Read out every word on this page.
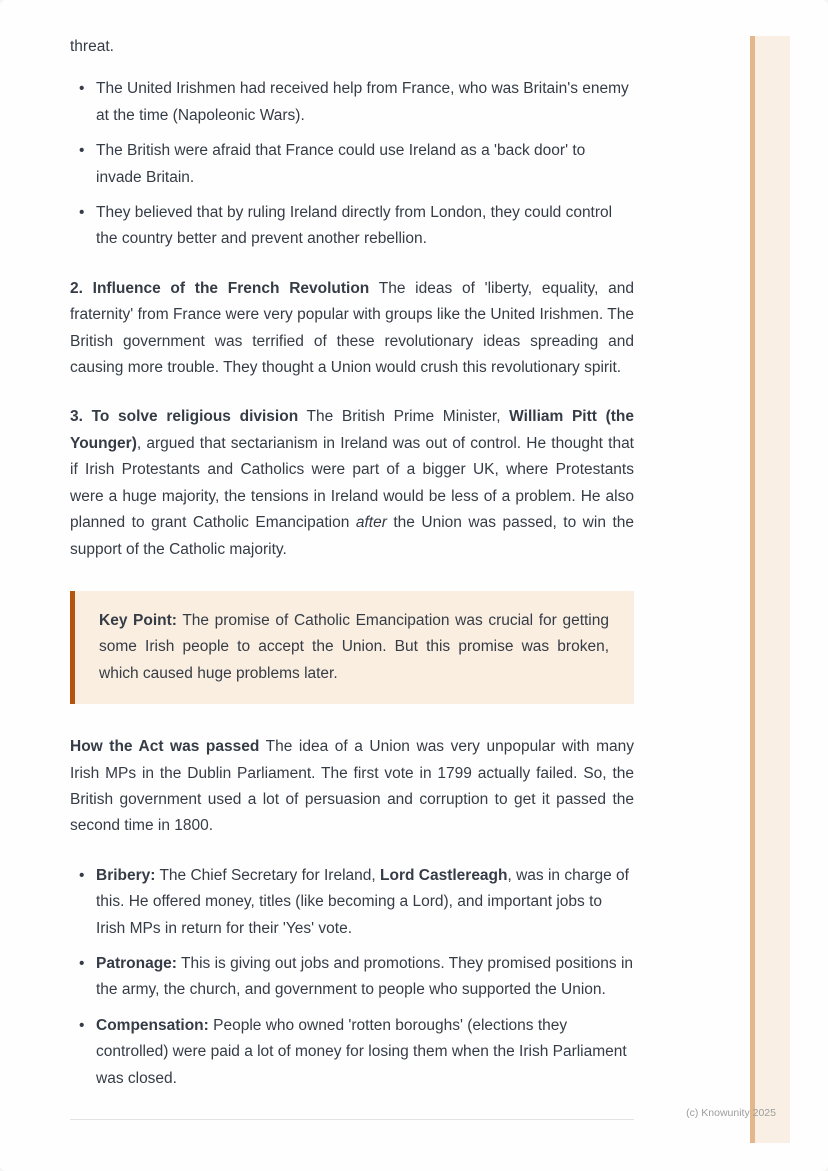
threat.

• The United Irishmen had received help from France, who was Britain's enemy at the time (Napoleonic Wars).
• The British were afraid that France could use Ireland as a 'back door' to invade Britain.
• They believed that by ruling Ireland directly from London, they could control the country better and prevent another rebellion.

2. Influence of the French Revolution The ideas of 'liberty, equality, and fraternity' from France were very popular with groups like the United Irishmen. The British government was terrified of these revolutionary ideas spreading and causing more trouble. They thought a Union would crush this revolutionary spirit.

3. To solve religious division The British Prime Minister, William Pitt (the Younger), argued that sectarianism in Ireland was out of control. He thought that if Irish Protestants and Catholics were part of a bigger UK, where Protestants were a huge majority, the tensions in Ireland would be less of a problem. He also planned to grant Catholic Emancipation after the Union was passed, to win the support of the Catholic majority.

Key Point: The promise of Catholic Emancipation was crucial for getting some Irish people to accept the Union. But this promise was broken, which caused huge problems later.

How the Act was passed The idea of a Union was very unpopular with many Irish MPs in the Dublin Parliament. The first vote in 1799 actually failed. So, the British government used a lot of persuasion and corruption to get it passed the second time in 1800.

• Bribery: The Chief Secretary for Ireland, Lord Castlereagh, was in charge of this. He offered money, titles (like becoming a Lord), and important jobs to Irish MPs in return for their 'Yes' vote.
• Patronage: This is giving out jobs and promotions. They promised positions in the army, the church, and government to people who supported the Union.
• Compensation: People who owned 'rotten boroughs' (elections they controlled) were paid a lot of money for losing them when the Irish Parliament was closed.
(c) Knowunity 2025
